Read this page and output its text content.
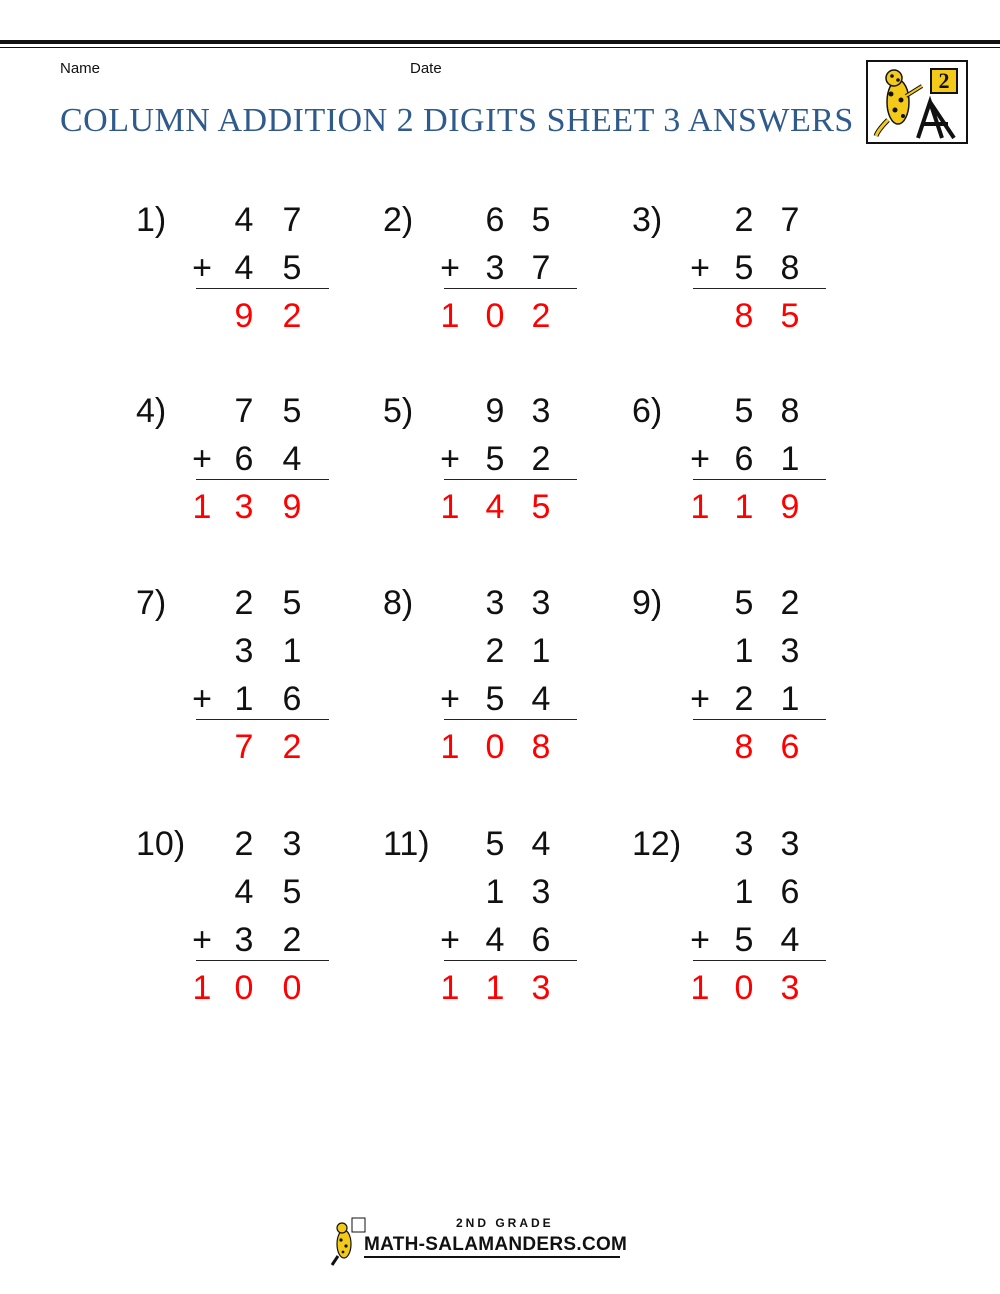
Name	Date
COLUMN ADDITION 2 DIGITS SHEET 3 ANSWERS
2
1) 4 7
+ 4 5
9 2
2) 6 5
+ 3 7
1 0 2
3) 2 7
+ 5 8
8 5
4) 7 5
+ 6 4
1 3 9
5) 9 3
+ 5 2
1 4 5
6) 5 8
+ 6 1
1 1 9
7) 2 5
3 1
+ 1 6
7 2
8) 3 3
2 1
+ 5 4
1 0 8
9) 5 2
1 3
+ 2 1
8 6
10) 2 3
4 5
+ 3 2
1 0 0
11) 5 4
1 3
+ 4 6
1 1 3
12) 3 3
1 6
+ 5 4
1 0 3
2ND GRADE
MATH-SALAMANDERS.COM
